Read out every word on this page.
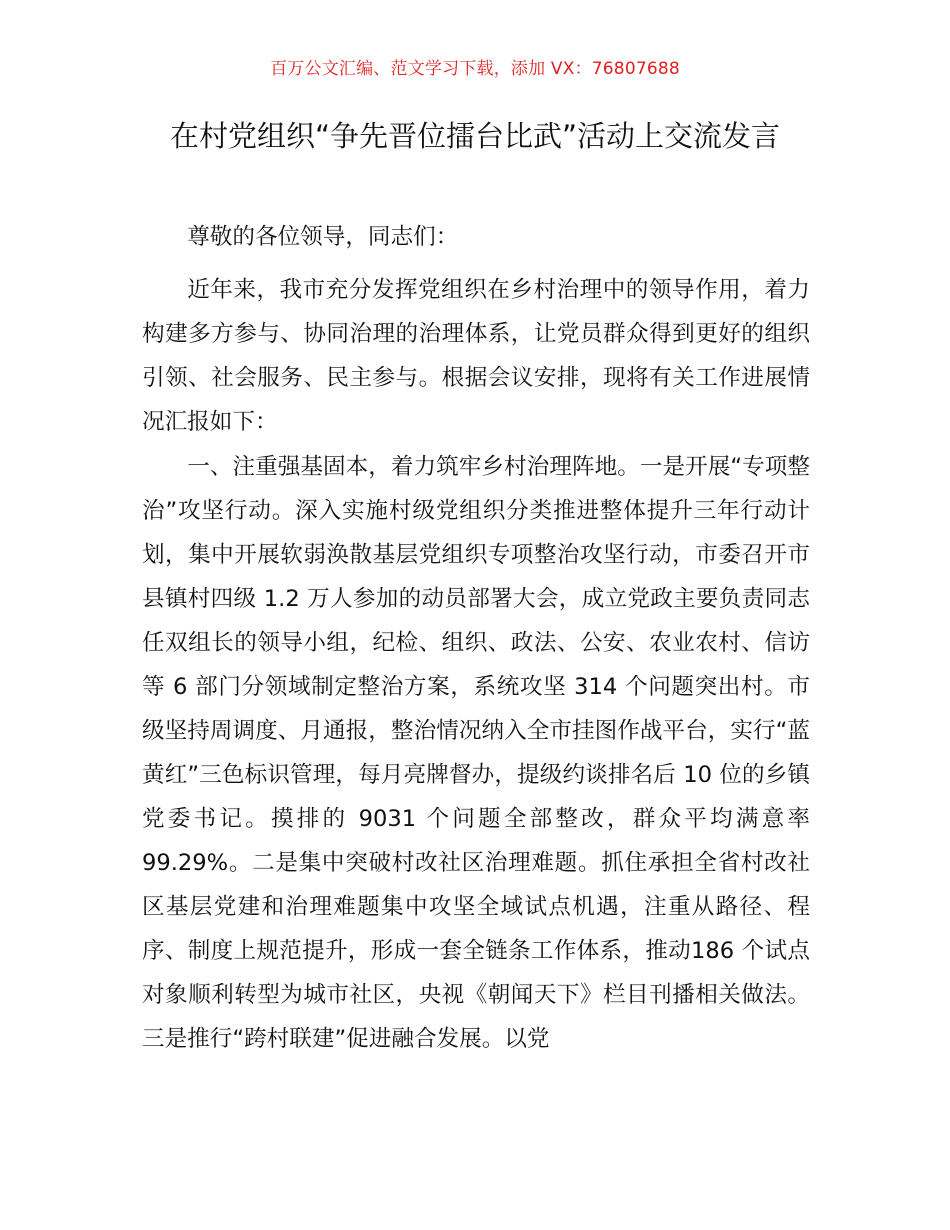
百万公文汇编、范文学习下载，添加 VX：76807688
在村党组织“争先晋位擂台比武”活动上交流发言

尊敬的各位领导，同志们：

近年来，我市充分发挥党组织在乡村治理中的领导作用，着力构建多方参与、协同治理的治理体系，让党员群众得到更好的组织引领、社会服务、民主参与。根据会议安排，现将有关工作进展情况汇报如下：

一、注重强基固本，着力筑牢乡村治理阵地。一是开展“专项整治”攻坚行动。深入实施村级党组织分类推进整体提升三年行动计划，集中开展软弱涣散基层党组织专项整治攻坚行动，市委召开市县镇村四级 1.2 万人参加的动员部署大会，成立党政主要负责同志任双组长的领导小组，纪检、组织、政法、公安、农业农村、信访等 6 部门分领域制定整治方案，系统攻坚 314 个问题突出村。市级坚持周调度、月通报，整治情况纳入全市挂图作战平台，实行“蓝黄红”三色标识管理，每月亮牌督办，提级约谈排名后 10 位的乡镇党委书记。摸排的 9031 个问题全部整改，群众平均满意率99.29%。二是集中突破村改社区治理难题。抓住承担全省村改社区基层党建和治理难题集中攻坚全域试点机遇，注重从路径、程序、制度上规范提升，形成一套全链条工作体系，推动186 个试点对象顺利转型为城市社区，央视《朝闻天下》栏目刊播相关做法。三是推行“跨村联建”促进融合发展。以党
